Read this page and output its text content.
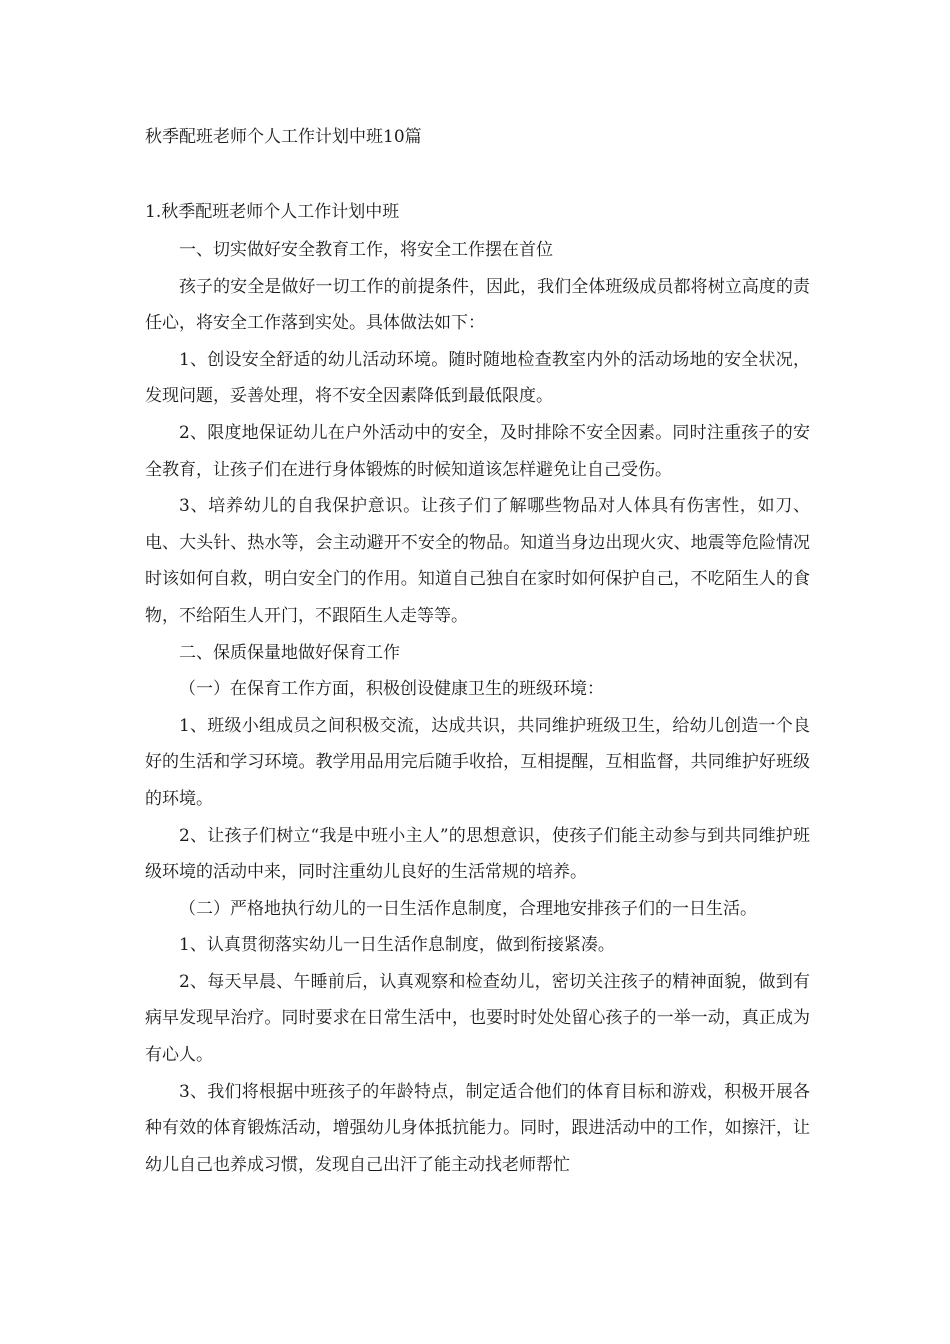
秋季配班老师个人工作计划中班10篇
1.秋季配班老师个人工作计划中班

一、切实做好安全教育工作，将安全工作摆在首位

孩子的安全是做好一切工作的前提条件，因此，我们全体班级成员都将树立高度的责任心，将安全工作落到实处。具体做法如下：

1、创设安全舒适的幼儿活动环境。随时随地检查教室内外的活动场地的安全状况，发现问题，妥善处理，将不安全因素降低到最低限度。

2、限度地保证幼儿在户外活动中的安全，及时排除不安全因素。同时注重孩子的安全教育，让孩子们在进行身体锻炼的时候知道该怎样避免让自己受伤。

3、培养幼儿的自我保护意识。让孩子们了解哪些物品对人体具有伤害性，如刀、电、大头针、热水等，会主动避开不安全的物品。知道当身边出现火灾、地震等危险情况时该如何自救，明白安全门的作用。知道自己独自在家时如何保护自己，不吃陌生人的食物，不给陌生人开门，不跟陌生人走等等。

二、保质保量地做好保育工作

（一）在保育工作方面，积极创设健康卫生的班级环境：

1、班级小组成员之间积极交流，达成共识，共同维护班级卫生，给幼儿创造一个良好的生活和学习环境。教学用品用完后随手收拾，互相提醒，互相监督，共同维护好班级的环境。

2、让孩子们树立“我是中班小主人”的思想意识，使孩子们能主动参与到共同维护班级环境的活动中来，同时注重幼儿良好的生活常规的培养。

（二）严格地执行幼儿的一日生活作息制度，合理地安排孩子们的一日生活。

1、认真贯彻落实幼儿一日生活作息制度，做到衔接紧凑。

2、每天早晨、午睡前后，认真观察和检查幼儿，密切关注孩子的精神面貌，做到有病早发现早治疗。同时要求在日常生活中，也要时时处处留心孩子的一举一动，真正成为有心人。

3、我们将根据中班孩子的年龄特点，制定适合他们的体育目标和游戏，积极开展各种有效的体育锻炼活动，增强幼儿身体抵抗能力。同时，跟进活动中的工作，如擦汗，让幼儿自己也养成习惯，发现自己出汗了能主动找老师帮忙
